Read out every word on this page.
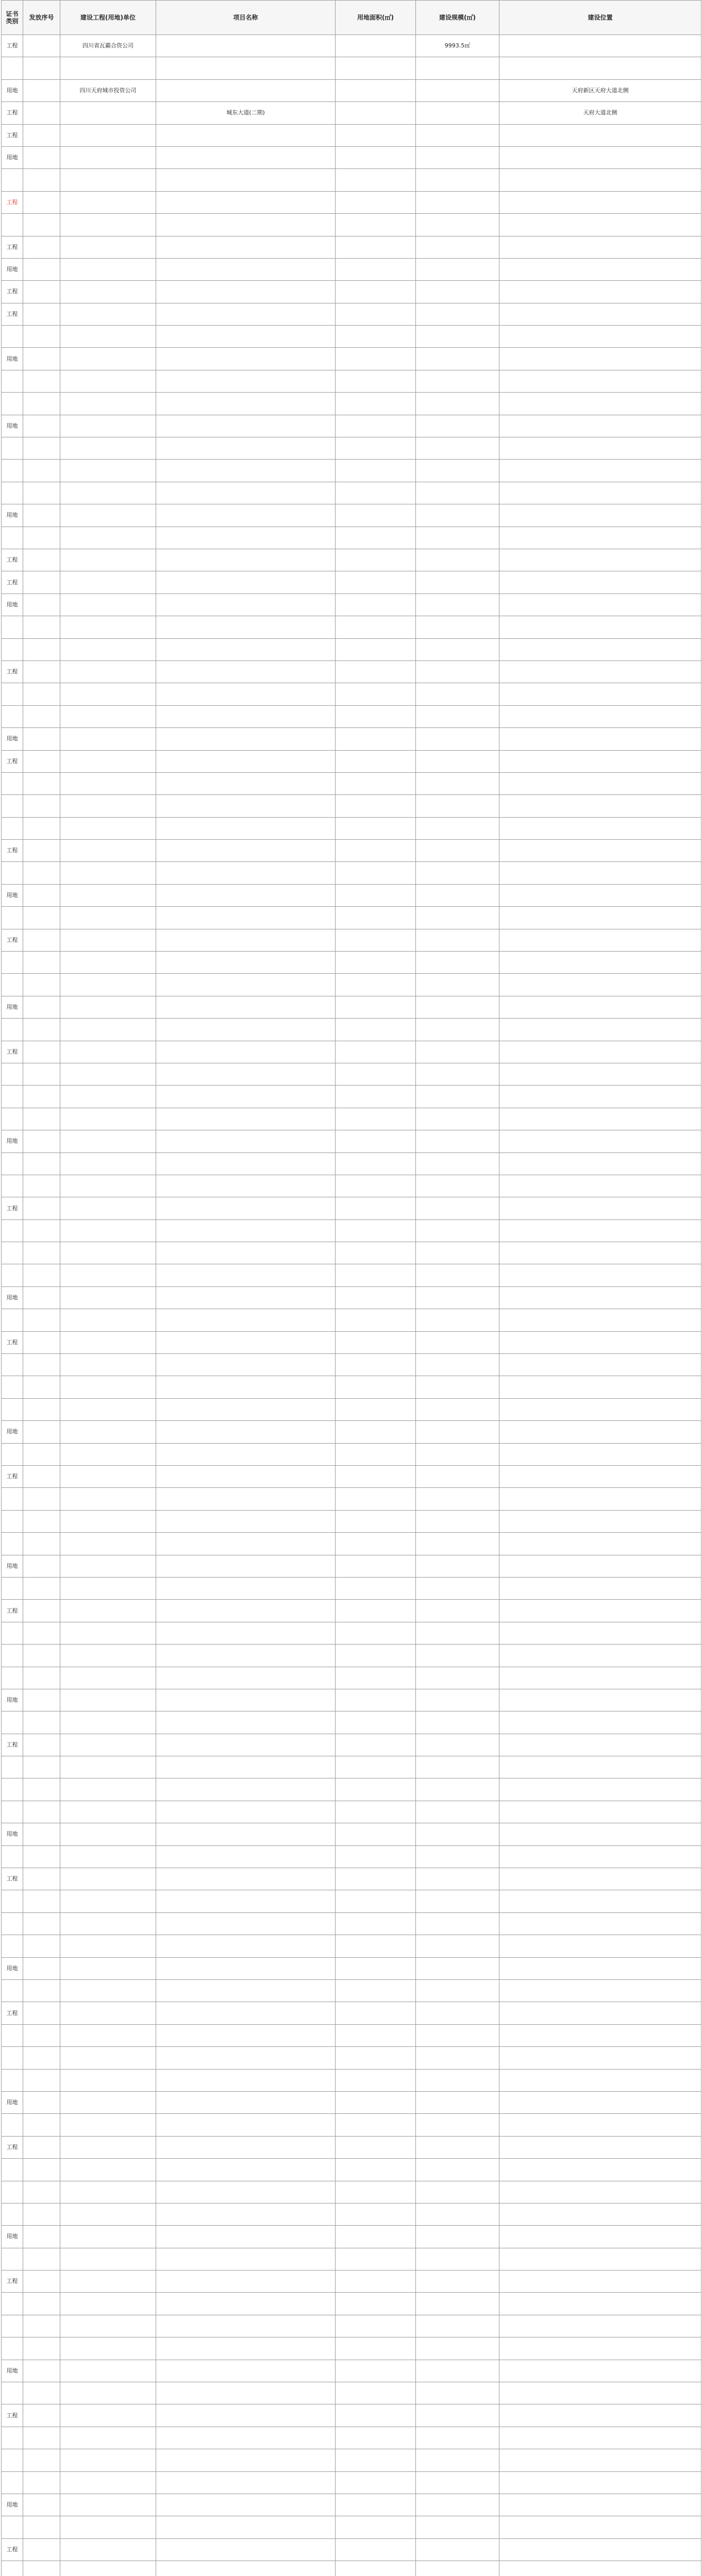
证书类别	发放序号	建设工程(用地)单位	项目名称	用地面积(㎡)	建设规模(㎡)	建设位置
工程		四川省瓦霸合资公司			9993.5㎡	

用地		四川天府城市投资公司				天府新区天府大道北侧
工程			城东大道(二期)			天府大道北侧
工程						
用地						

工程						

工程						
用地						
工程						
工程						

用地						

用地						

用地						

工程						
工程						
用地						

工程						

用地						
工程						

工程						

用地						

工程						

用地						

工程						

用地						

工程						

用地						

工程						

用地						

工程						

用地						

工程						

用地						

工程						

用地						

工程						

用地						

工程						

用地						

工程						

用地						

工程						

用地						

工程						

用地						

工程						
